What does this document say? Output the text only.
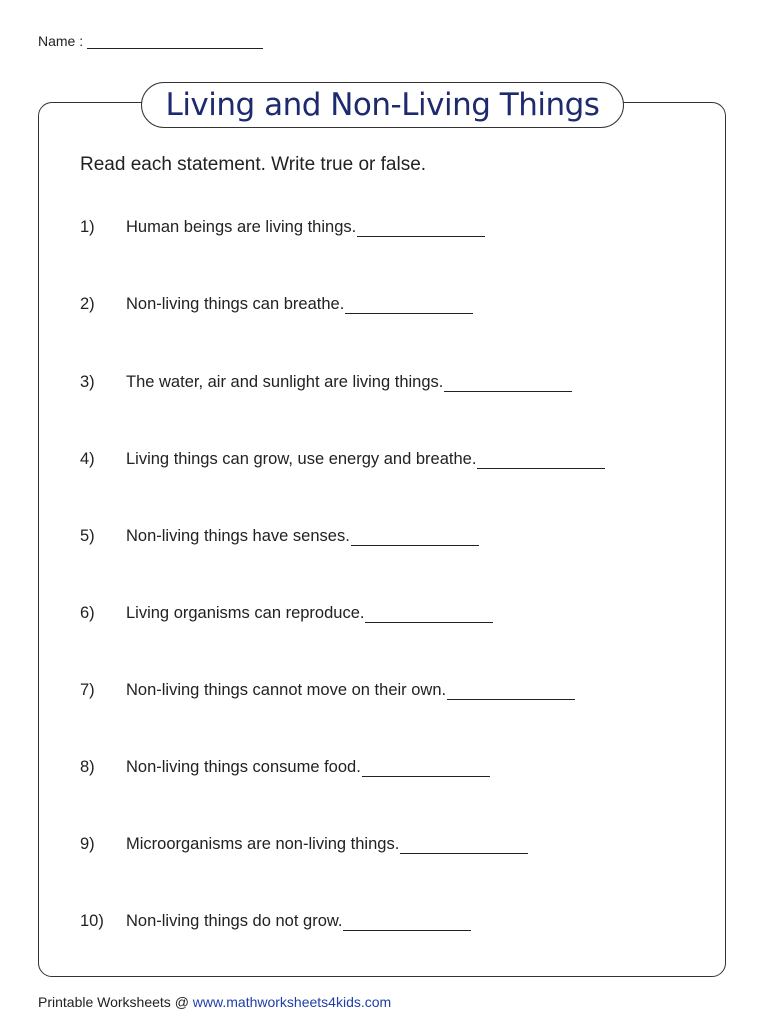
Name :
Living and Non-Living Things
Read each statement. Write true or false.
1)	Human beings are living things.
2)	Non-living things can breathe.
3)	The water, air and sunlight are living things.
4)	Living things can grow, use energy and breathe.
5)	Non-living things have senses.
6)	Living organisms can reproduce.
7)	Non-living things cannot move on their own.
8)	Non-living things consume food.
9)	Microorganisms are non-living things.
10)	Non-living things do not grow.
Printable Worksheets @ www.mathworksheets4kids.com
